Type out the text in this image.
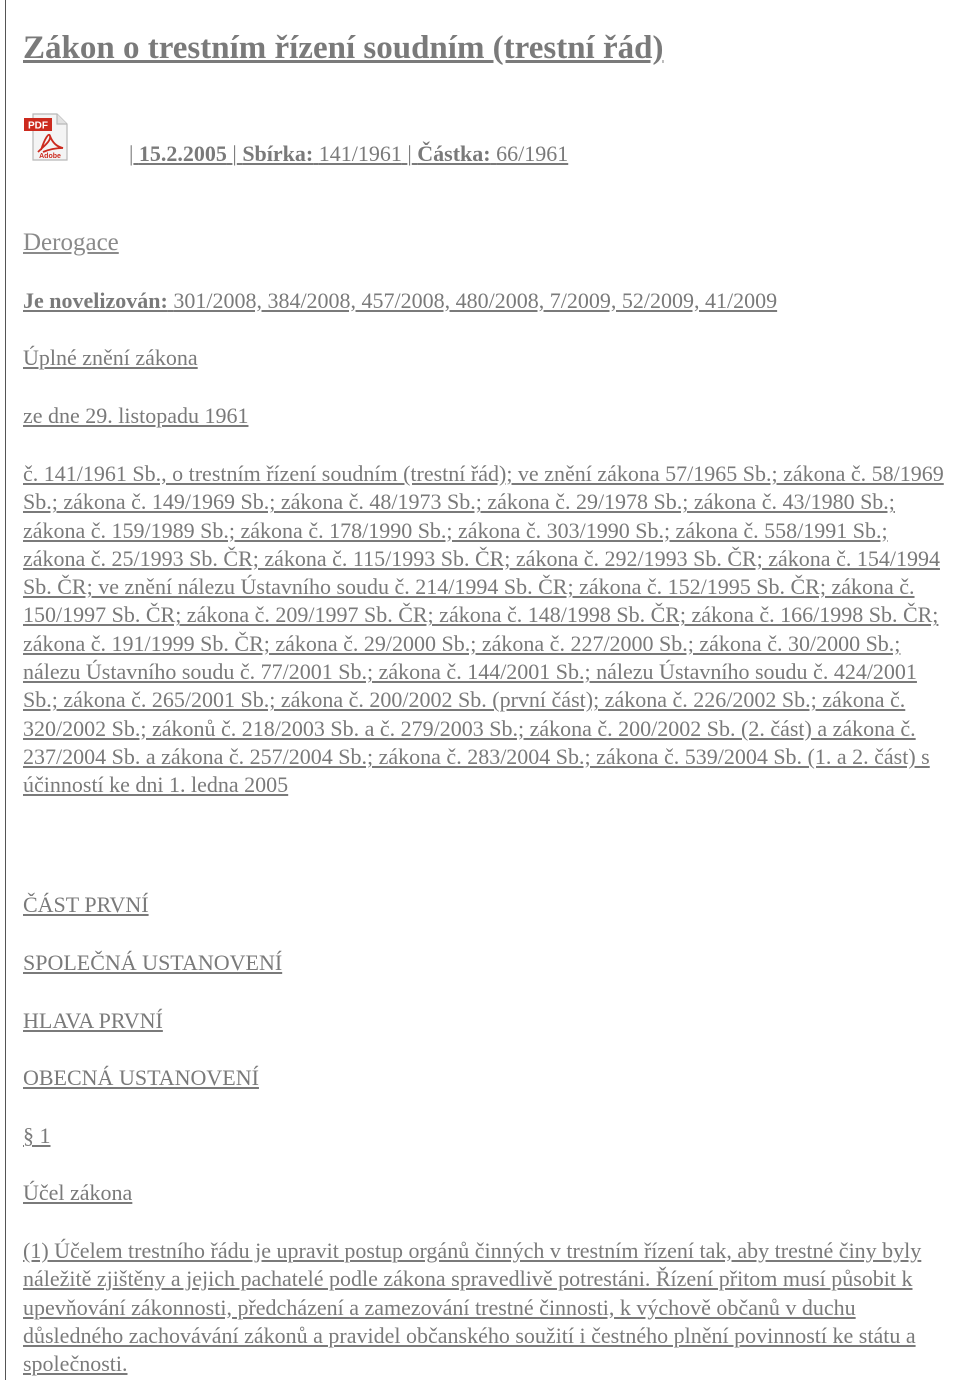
Zákon o trestním řízení soudním (trestní řád)
PDF
Adobe	| 15.2.2005 | Sbírka: 141/1961 | Částka: 66/1961
Derogace
Je novelizován: 301/2008, 384/2008, 457/2008, 480/2008, 7/2009, 52/2009, 41/2009
Úplné znění zákona
ze dne 29. listopadu 1961

č. 141/1961 Sb., o trestním řízení soudním (trestní řád); ve znění zákona 57/1965 Sb.; zákona č. 58/1969 Sb.; zákona č. 149/1969 Sb.; zákona č. 48/1973 Sb.; zákona č. 29/1978 Sb.; zákona č. 43/1980 Sb.; zákona č. 159/1989 Sb.; zákona č. 178/1990 Sb.; zákona č. 303/1990 Sb.; zákona č. 558/1991 Sb.; zákona č. 25/1993 Sb. ČR; zákona č. 115/1993 Sb. ČR; zákona č. 292/1993 Sb. ČR; zákona č. 154/1994 Sb. ČR; ve znění nálezu Ústavního soudu č. 214/1994 Sb. ČR; zákona č. 152/1995 Sb. ČR; zákona č. 150/1997 Sb. ČR; zákona č. 209/1997 Sb. ČR; zákona č. 148/1998 Sb. ČR; zákona č. 166/1998 Sb. ČR; zákona č. 191/1999 Sb. ČR; zákona č. 29/2000 Sb.; zákona č. 227/2000 Sb.; zákona č. 30/2000 Sb.; nálezu Ústavního soudu č. 77/2001 Sb.; zákona č. 144/2001 Sb.; nálezu Ústavního soudu č. 424/2001 Sb.; zákona č. 265/2001 Sb.; zákona č. 200/2002 Sb. (první část); zákona č. 226/2002 Sb.; zákona č. 320/2002 Sb.; zákonů č. 218/2003 Sb. a č. 279/2003 Sb.; zákona č. 200/2002 Sb. (2. část) a zákona č. 237/2004 Sb. a zákona č. 257/2004 Sb.; zákona č. 283/2004 Sb.; zákona č. 539/2004 Sb. (1. a 2. část) s účinností ke dni 1. ledna 2005

ČÁST PRVNÍ
SPOLEČNÁ USTANOVENÍ
HLAVA PRVNÍ
OBECNÁ USTANOVENÍ
§ 1
Účel zákona

(1) Účelem trestního řádu je upravit postup orgánů činných v trestním řízení tak, aby trestné činy byly náležitě zjištěny a jejich pachatelé podle zákona spravedlivě potrestáni. Řízení přitom musí působit k upevňování zákonnosti, předcházení a zamezování trestné činnosti, k výchově občanů v duchu důsledného zachovávání zákonů a pravidel občanského soužití i čestného plnění povinností ke státu a společnosti.
